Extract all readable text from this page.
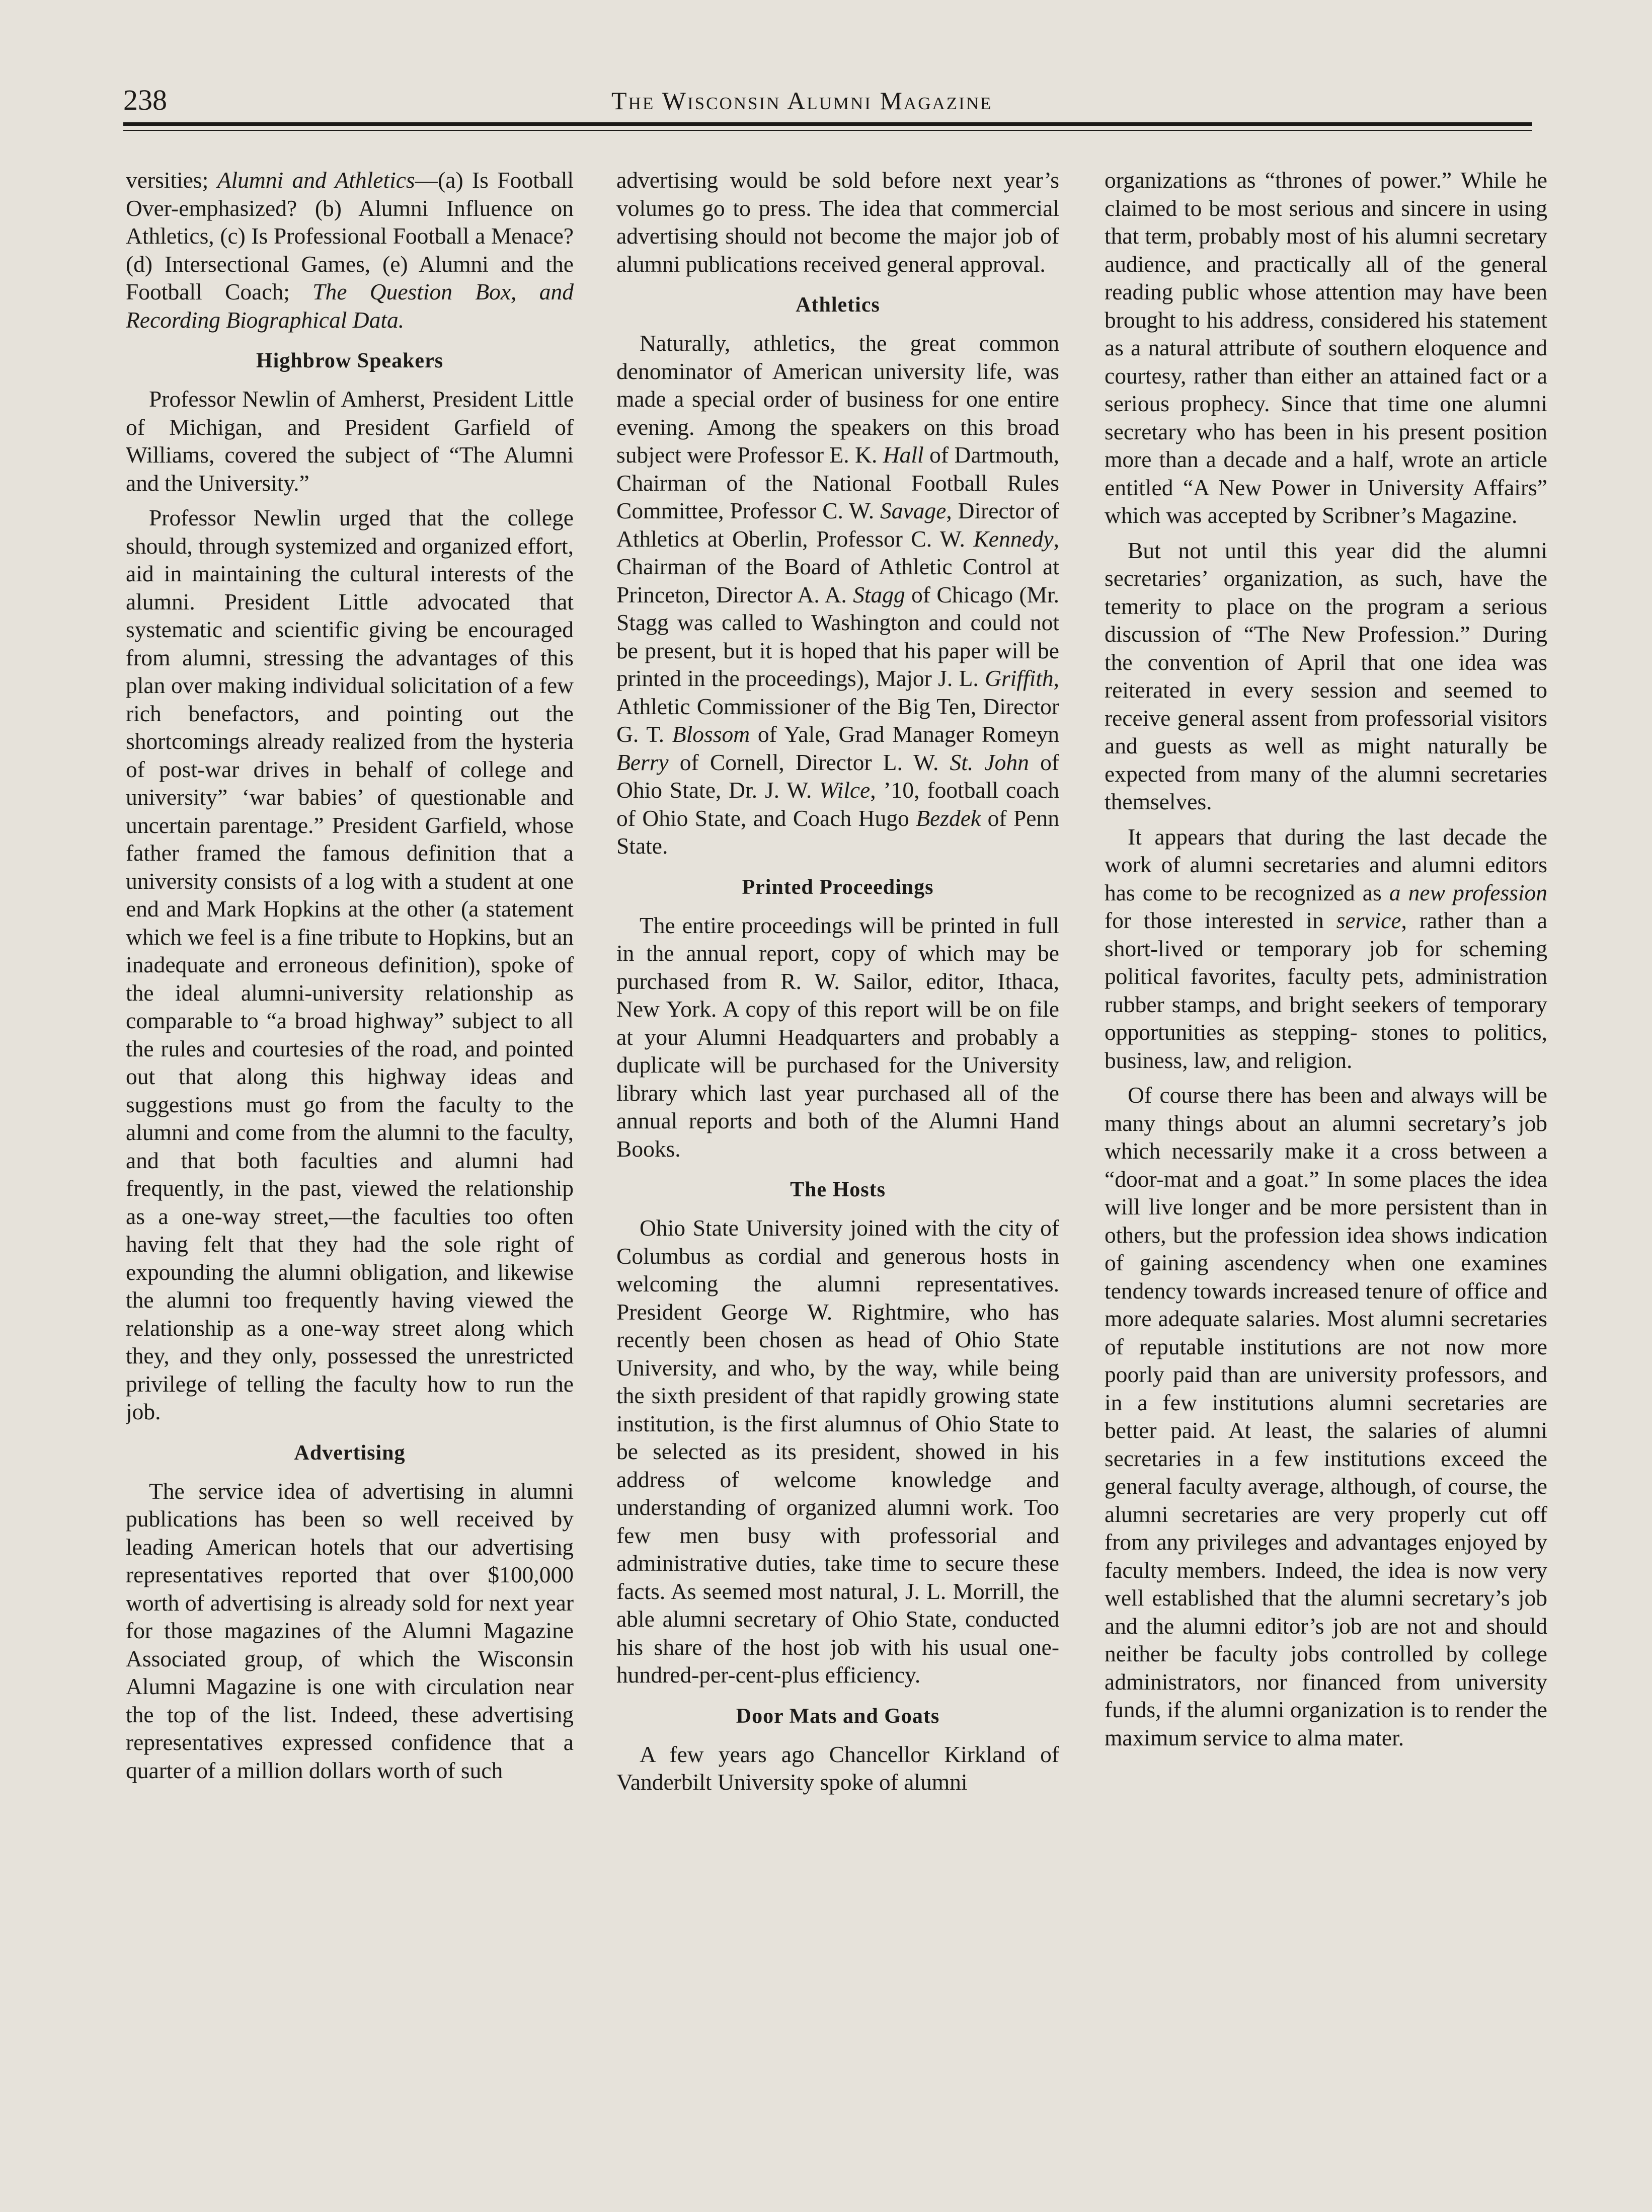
238	The Wisconsin Alumni Magazine

versities; Alumni and Athletics—(a) Is Football Over-emphasized? (b) Alumni Influence on Athletics, (c) Is Professional Football a Menace? (d) Intersectional Games, (e) Alumni and the Football Coach; The Question Box, and Recording Biographical Data.

Highbrow Speakers

Professor Newlin of Amherst, President Little of Michigan, and President Garfield of Williams, covered the subject of “The Alumni and the University.”

Professor Newlin urged that the college should, through systemized and organized effort, aid in maintaining the cultural interests of the alumni. President Little advocated that systematic and scientific giving be encouraged from alumni, stressing the advantages of this plan over making individual solicitation of a few rich benefactors, and pointing out the shortcomings already realized from the hysteria of post-war drives in behalf of college and university” ‘war babies’ of questionable and uncertain parentage.” President Garfield, whose father framed the famous definition that a university consists of a log with a student at one end and Mark Hopkins at the other (a statement which we feel is a fine tribute to Hopkins, but an inadequate and erroneous definition), spoke of the ideal alumni-university relationship as comparable to “a broad highway” subject to all the rules and courtesies of the road, and pointed out that along this highway ideas and suggestions must go from the faculty to the alumni and come from the alumni to the faculty, and that both faculties and alumni had frequently, in the past, viewed the relationship as a one-way street,—the faculties too often having felt that they had the sole right of expounding the alumni obligation, and likewise the alumni too frequently having viewed the relationship as a one-way street along which they, and they only, possessed the unrestricted privilege of telling the faculty how to run the job.

Advertising

The service idea of advertising in alumni publications has been so well received by leading American hotels that our advertising representatives reported that over $100,000 worth of advertising is already sold for next year for those magazines of the Alumni Magazine Associated group, of which the Wisconsin Alumni Magazine is one with circulation near the top of the list. Indeed, these advertising representatives expressed confidence that a quarter of a million dollars worth of such

advertising would be sold before next year’s volumes go to press. The idea that commercial advertising should not become the major job of alumni publications received general approval.

Athletics

Naturally, athletics, the great common denominator of American university life, was made a special order of business for one entire evening. Among the speakers on this broad subject were Professor E. K. Hall of Dartmouth, Chairman of the National Football Rules Committee, Professor C. W. Savage, Director of Athletics at Oberlin, Professor C. W. Kennedy, Chairman of the Board of Athletic Control at Princeton, Director A. A. Stagg of Chicago (Mr. Stagg was called to Washington and could not be present, but it is hoped that his paper will be printed in the proceedings), Major J. L. Griffith, Athletic Commissioner of the Big Ten, Director G. T. Blossom of Yale, Grad Manager Romeyn Berry of Cornell, Director L. W. St. John of Ohio State, Dr. J. W. Wilce, ’10, football coach of Ohio State, and Coach Hugo Bezdek of Penn State.

Printed Proceedings

The entire proceedings will be printed in full in the annual report, copy of which may be purchased from R. W. Sailor, editor, Ithaca, New York. A copy of this report will be on file at your Alumni Headquarters and probably a duplicate will be purchased for the University library which last year purchased all of the annual reports and both of the Alumni Hand Books.

The Hosts

Ohio State University joined with the city of Columbus as cordial and generous hosts in welcoming the alumni representatives. President George W. Rightmire, who has recently been chosen as head of Ohio State University, and who, by the way, while being the sixth president of that rapidly growing state institution, is the first alumnus of Ohio State to be selected as its president, showed in his address of welcome knowledge and understanding of organized alumni work. Too few men busy with professorial and administrative duties, take time to secure these facts. As seemed most natural, J. L. Morrill, the able alumni secretary of Ohio State, conducted his share of the host job with his usual one-hundred-per-cent-plus efficiency.

Door Mats and Goats

A few years ago Chancellor Kirkland of Vanderbilt University spoke of alumni

organizations as “thrones of power.” While he claimed to be most serious and sincere in using that term, probably most of his alumni secretary audience, and practically all of the general reading public whose attention may have been brought to his address, considered his statement as a natural attribute of southern eloquence and courtesy, rather than either an attained fact or a serious prophecy. Since that time one alumni secretary who has been in his present position more than a decade and a half, wrote an article entitled “A New Power in University Affairs” which was accepted by Scribner’s Magazine.

But not until this year did the alumni secretaries’ organization, as such, have the temerity to place on the program a serious discussion of “The New Profession.” During the convention of April that one idea was reiterated in every session and seemed to receive general assent from professorial visitors and guests as well as might naturally be expected from many of the alumni secretaries themselves.

It appears that during the last decade the work of alumni secretaries and alumni editors has come to be recognized as a new profession for those interested in service, rather than a short-lived or temporary job for scheming political favorites, faculty pets, administration rubber stamps, and bright seekers of temporary opportunities as stepping- stones to politics, business, law, and religion.

Of course there has been and always will be many things about an alumni secretary’s job which necessarily make it a cross between a “door-mat and a goat.” In some places the idea will live longer and be more persistent than in others, but the profession idea shows indication of gaining ascendency when one examines tendency towards increased tenure of office and more adequate salaries. Most alumni secretaries of reputable institutions are not now more poorly paid than are university professors, and in a few institutions alumni secretaries are better paid. At least, the salaries of alumni secretaries in a few institutions exceed the general faculty average, although, of course, the alumni secretaries are very properly cut off from any privileges and advantages enjoyed by faculty members. Indeed, the idea is now very well established that the alumni secretary’s job and the alumni editor’s job are not and should neither be faculty jobs controlled by college administrators, nor financed from university funds, if the alumni organization is to render the maximum service to alma mater.
